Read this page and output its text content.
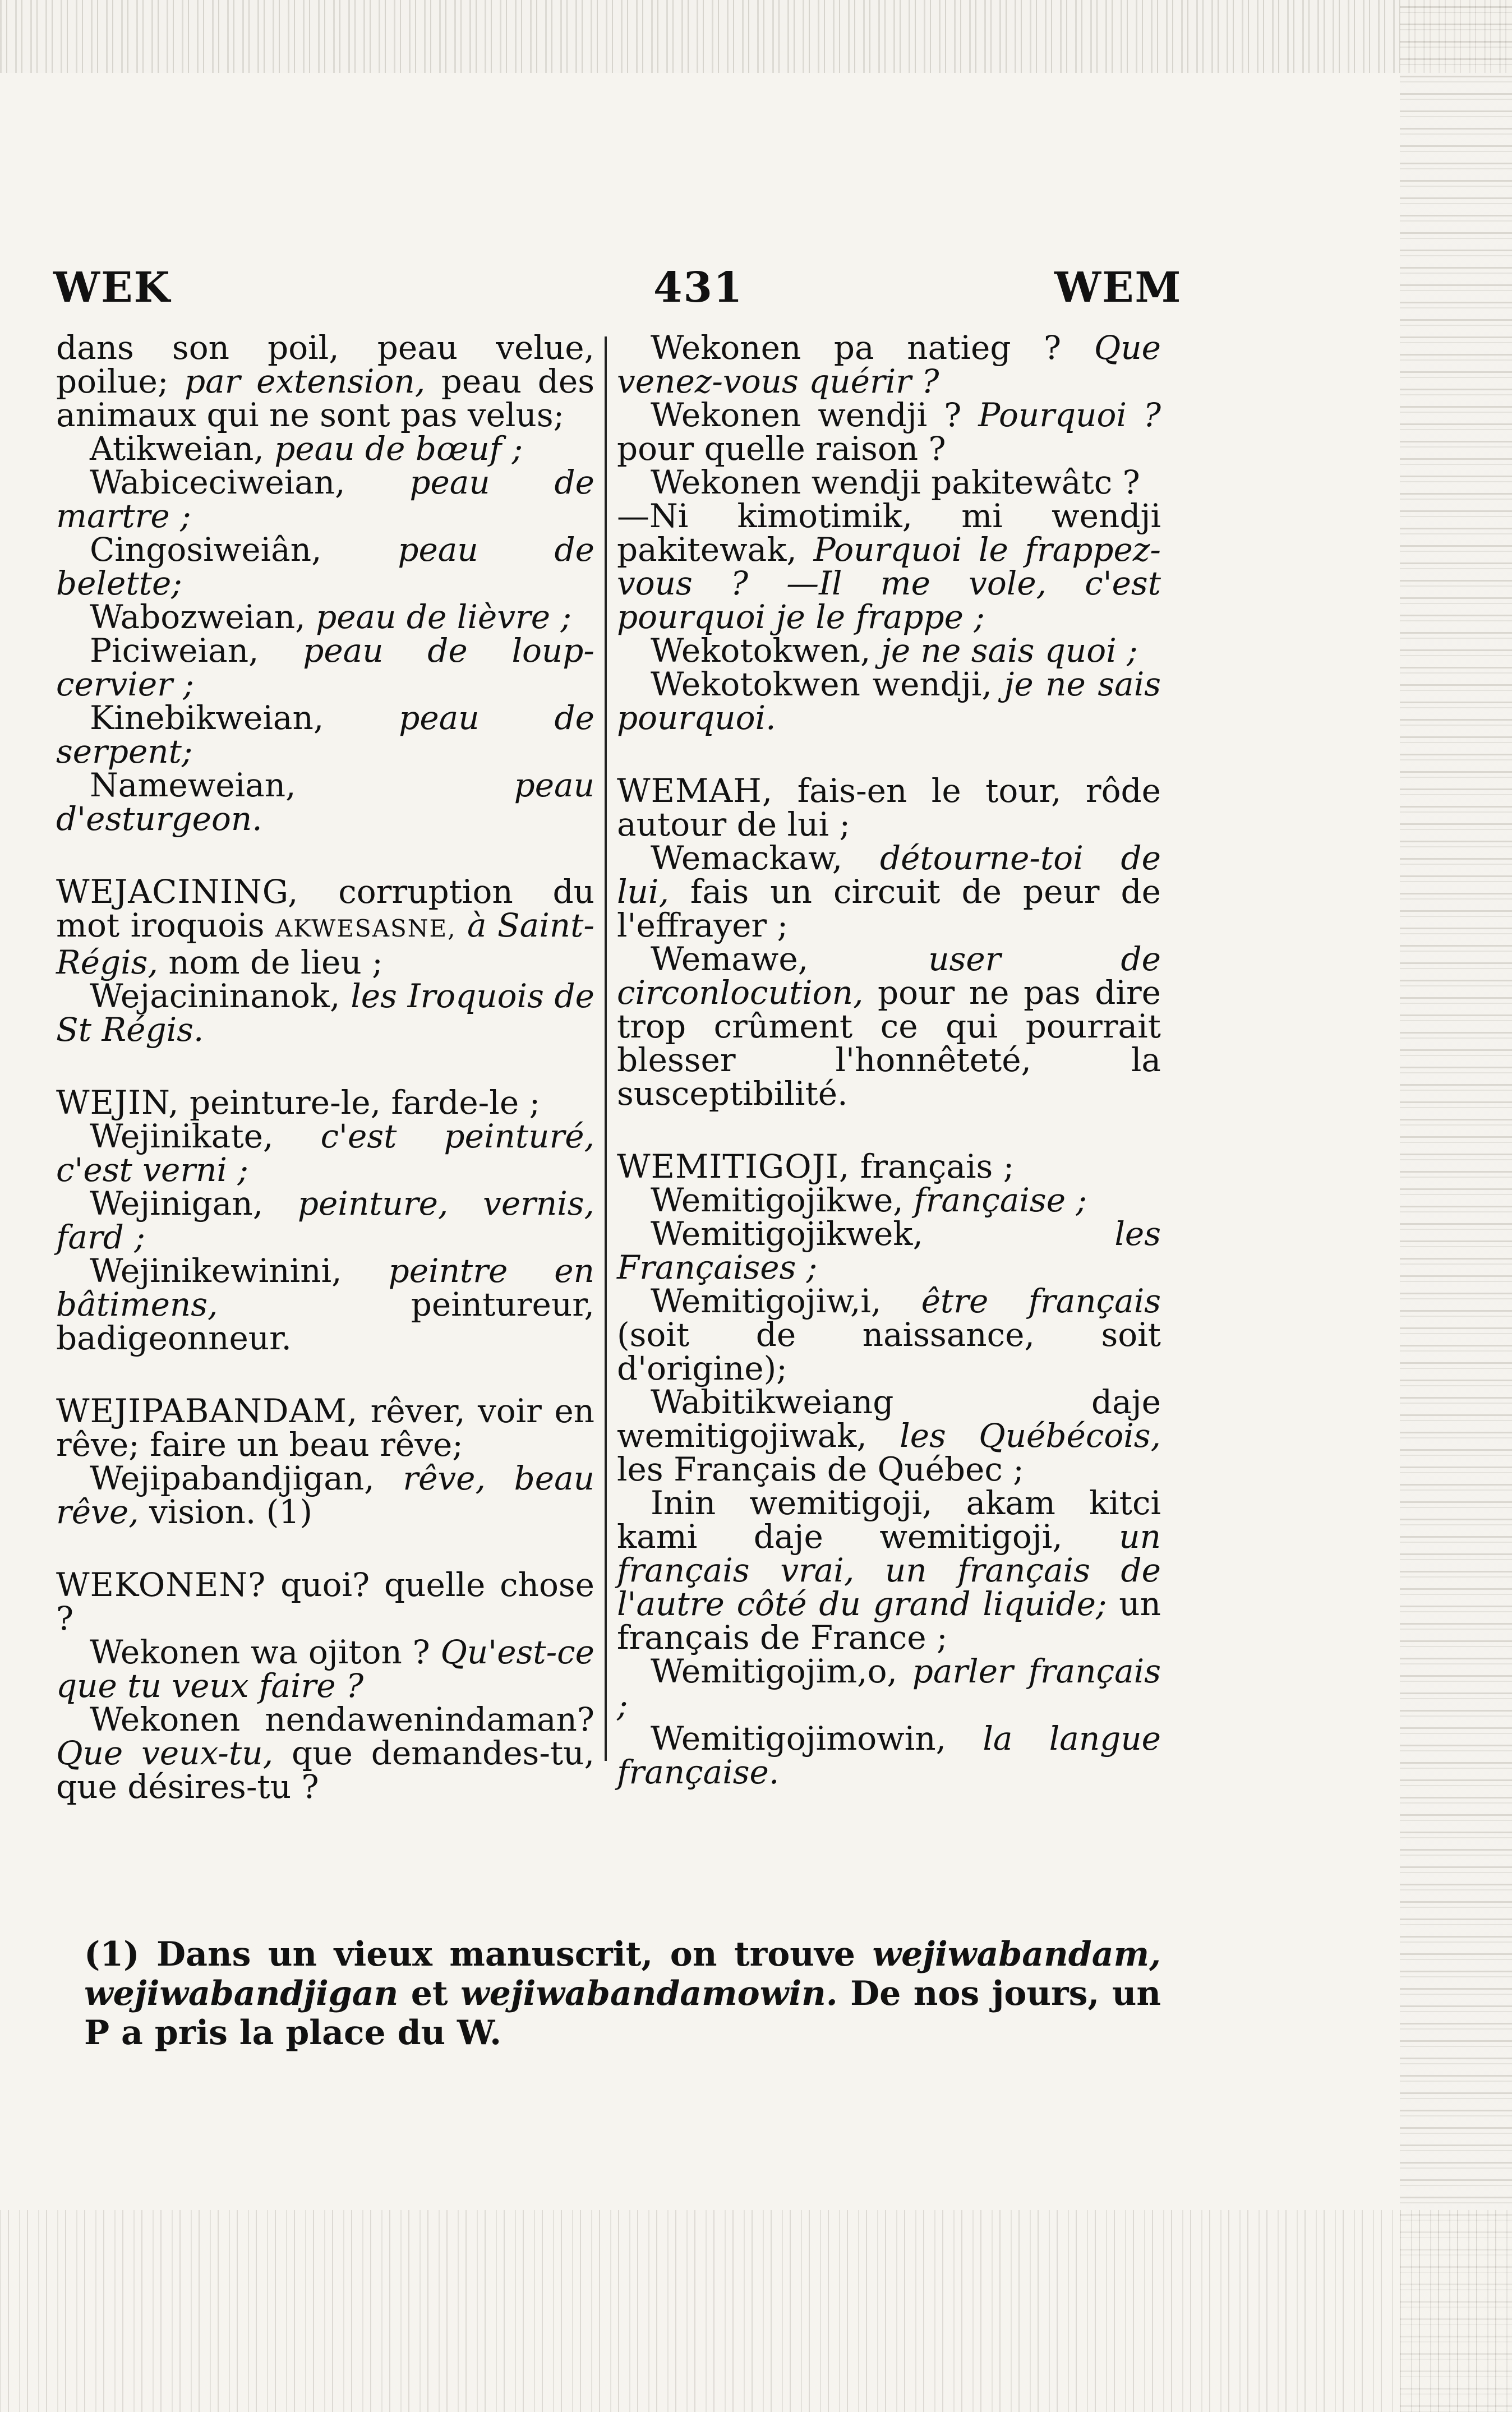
WEK	431	WEM

dans son poil, peau velue, poilue; par extension, peau des animaux qui ne sont pas velus;

Atikweian, peau de bœuf ;

Wabiceciweian, peau de martre ;

Cingosiweiân, peau de belette;

Wabozweian, peau de lièvre ;

Piciweian, peau de loup-cervier ;

Kinebikweian, peau de serpent;

Nameweian,	peau d'esturgeon.

WEJACINING, corruption du mot iroquois AKWESASNE, à Saint-Régis, nom de lieu ;

Wejacininanok, les Iroquois de St Régis.

WEJIN, peinture-le, farde-le ;

Wejinikate, c'est peinturé, c'est verni ;

Wejinigan, peinture, vernis, fard ;

Wejinikewinini, peintre en bâtimens,	peintureur, badigeonneur.

WEJIPABANDAM, rêver, voir en rêve; faire un beau rêve;

Wejipabandjigan, rêve, beau rêve, vision. (1)

WEKONEN? quoi? quelle chose ?

Wekonen wa ojiton ? Qu'est-ce que tu veux faire ?

Wekonen nendawenindaman? Que veux-tu, que demandes-tu, que désires-tu ?

Wekonen pa natieg ? Que venez-vous quérir ?

Wekonen wendji ? Pourquoi ? pour quelle raison ?

Wekonen wendji pakitewâtc ?

—Ni kimotimik, mi wendji pakitewak, Pourquoi le frappez-vous ? —Il me vole, c'est pourquoi je le frappe ;

Wekotokwen, je ne sais quoi ;

Wekotokwen wendji, je ne sais pourquoi.

WEMAH, fais-en le tour, rôde autour de lui ;

Wemackaw, détourne-toi de lui, fais un circuit de peur de l'effrayer ;

Wemawe,	user de circonlocution, pour ne pas dire trop crûment ce qui pourrait blesser l'honnêteté, la susceptibilité.

WEMITIGOJI, français ;

Wemitigojikwe, française ;

Wemitigojikwek,	les Françaises ;

Wemitigojiw,i, être français (soit de naissance, soit d'origine);

Wabitikweiang daje wemitigojiwak, les Québécois, les Français de Québec ;

Inin wemitigoji, akam kitci kami daje wemitigoji, un français vrai, un français de l'autre côté du grand liquide; un français de France ;

Wemitigojim,o, parler français ;

Wemitigojimowin, la langue française.

(1) Dans un vieux manuscrit, on trouve wejiwabandam, wejiwabandjigan et wejiwabandamowin. De nos jours, un P a pris la place du W.
